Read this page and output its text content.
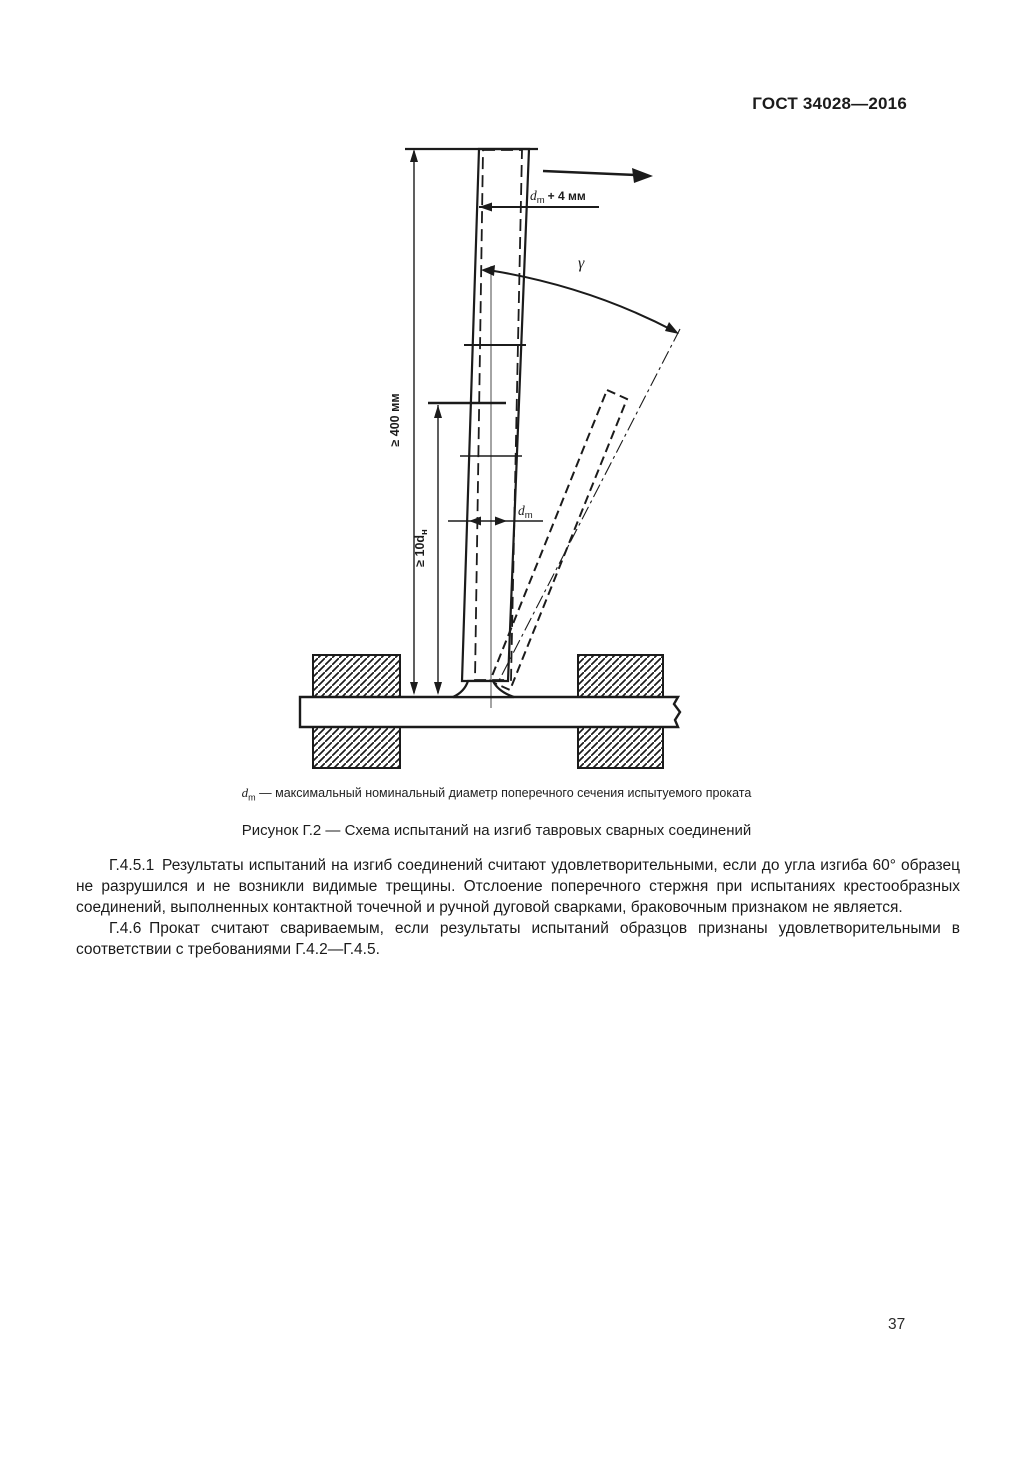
ГОСТ 34028—2016
≥ 400 мм
≥ $10d_н$
γ
dm + 4 мм
dm
$d_m$ — максимальный номинальный диаметр поперечного сечения испытуемого проката
Рисунок Г.2 — Схема испытаний на изгиб тавровых сварных соединений

Г.4.5.1 Результаты испытаний на изгиб соединений считают удовлетворительными, если до угла изгиба 60° образец не разрушился и не возникли видимые трещины. Отслоение поперечного стержня при испытаниях крестообразных соединений, выполненных контактной точечной и ручной дуговой сварками, браковочным признаком не является.

Г.4.6 Прокат считают свариваемым, если результаты испытаний образцов признаны удовлетворительными в соответствии с требованиями Г.4.2—Г.4.5.

37
